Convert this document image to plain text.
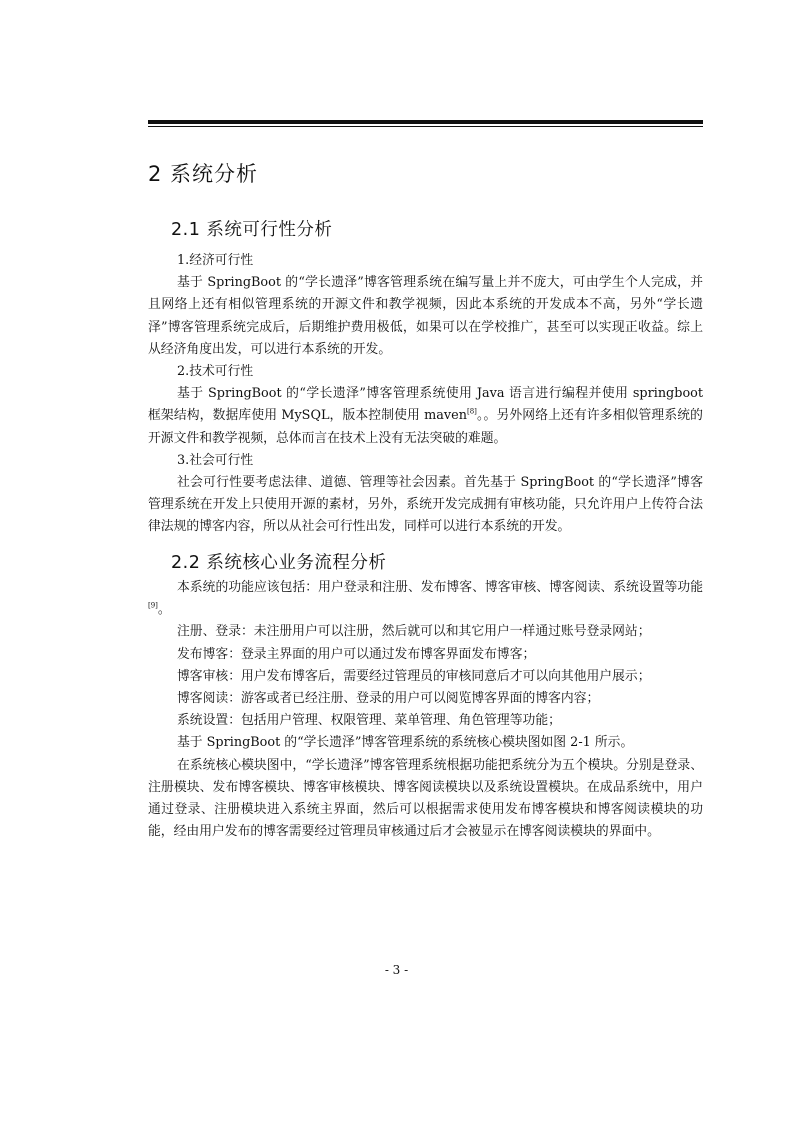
2 系统分析
2.1 系统可行性分析

1.经济可行性

基于 SpringBoot 的“学长遗泽”博客管理系统在编写量上并不庞大，可由学生个人完成，并且网络上还有相似管理系统的开源文件和教学视频，因此本系统的开发成本不高，另外“学长遗泽”博客管理系统完成后，后期维护费用极低，如果可以在学校推广，甚至可以实现正收益。综上从经济角度出发，可以进行本系统的开发。

2.技术可行性

基于 SpringBoot 的“学长遗泽”博客管理系统使用 Java 语言进行编程并使用 springboot 框架结构，数据库使用 MySQL，版本控制使用 maven[8]。。另外网络上还有许多相似管理系统的开源文件和教学视频，总体而言在技术上没有无法突破的难题。

3.社会可行性

社会可行性要考虑法律、道德、管理等社会因素。首先基于 SpringBoot 的“学长遗泽”博客管理系统在开发上只使用开源的素材，另外，系统开发完成拥有审核功能，只允许用户上传符合法律法规的博客内容，所以从社会可行性出发，同样可以进行本系统的开发。

2.2 系统核心业务流程分析

本系统的功能应该包括：用户登录和注册、发布博客、博客审核、博客阅读、系统设置等功能[9]。

注册、登录：未注册用户可以注册，然后就可以和其它用户一样通过账号登录网站；

发布博客：登录主界面的用户可以通过发布博客界面发布博客；

博客审核：用户发布博客后，需要经过管理员的审核同意后才可以向其他用户展示；

博客阅读：游客或者已经注册、登录的用户可以阅览博客界面的博客内容；

系统设置：包括用户管理、权限管理、菜单管理、角色管理等功能；

基于 SpringBoot 的“学长遗泽”博客管理系统的系统核心模块图如图 2-1 所示。

在系统核心模块图中，“学长遗泽”博客管理系统根据功能把系统分为五个模块。分别是登录、注册模块、发布博客模块、博客审核模块、博客阅读模块以及系统设置模块。在成品系统中，用户通过登录、注册模块进入系统主界面，然后可以根据需求使用发布博客模块和博客阅读模块的功能，经由用户发布的博客需要经过管理员审核通过后才会被显示在博客阅读模块的界面中。

- 3 -
